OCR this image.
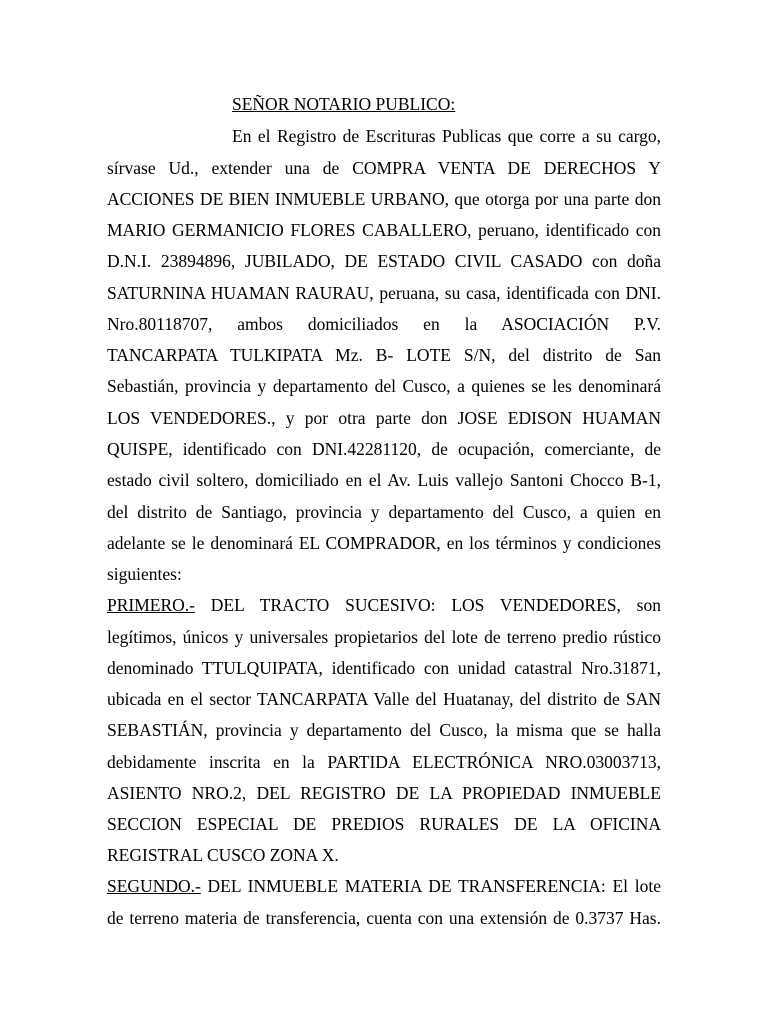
SEÑOR NOTARIO PUBLICO:
En el Registro de Escrituras Publicas que corre a su cargo,
sírvase Ud., extender una de COMPRA VENTA DE DERECHOS Y
ACCIONES DE BIEN INMUEBLE URBANO, que otorga por una parte don
MARIO GERMANICIO FLORES CABALLERO, peruano, identificado con
D.N.I. 23894896, JUBILADO, DE ESTADO CIVIL CASADO con doña
SATURNINA HUAMAN RAURAU, peruana, su casa, identificada con DNI.
Nro.80118707, ambos domiciliados en la ASOCIACIÓN P.V.
TANCARPATA TULKIPATA Mz. B- LOTE S/N, del distrito de San
Sebastián, provincia y departamento del Cusco, a quienes se les denominará
LOS VENDEDORES., y por otra parte don JOSE EDISON HUAMAN
QUISPE, identificado con DNI.42281120, de ocupación, comerciante, de
estado civil soltero, domiciliado en el Av. Luis vallejo Santoni Chocco B-1,
del distrito de Santiago, provincia y departamento del Cusco, a quien en
adelante se le denominará EL COMPRADOR, en los términos y condiciones
siguientes:
PRIMERO.- DEL TRACTO SUCESIVO: LOS VENDEDORES, son
legítimos, únicos y universales propietarios del lote de terreno predio rústico
denominado TTULQUIPATA, identificado con unidad catastral Nro.31871,
ubicada en el sector TANCARPATA Valle del Huatanay, del distrito de SAN
SEBASTIÁN, provincia y departamento del Cusco, la misma que se halla
debidamente inscrita en la PARTIDA ELECTRÓNICA NRO.03003713,
ASIENTO NRO.2, DEL REGISTRO DE LA PROPIEDAD INMUEBLE
SECCION ESPECIAL DE PREDIOS RURALES DE LA OFICINA
REGISTRAL CUSCO ZONA X.
SEGUNDO.- DEL INMUEBLE MATERIA DE TRANSFERENCIA: El lote
de terreno materia de transferencia, cuenta con una extensión de 0.3737 Has.
